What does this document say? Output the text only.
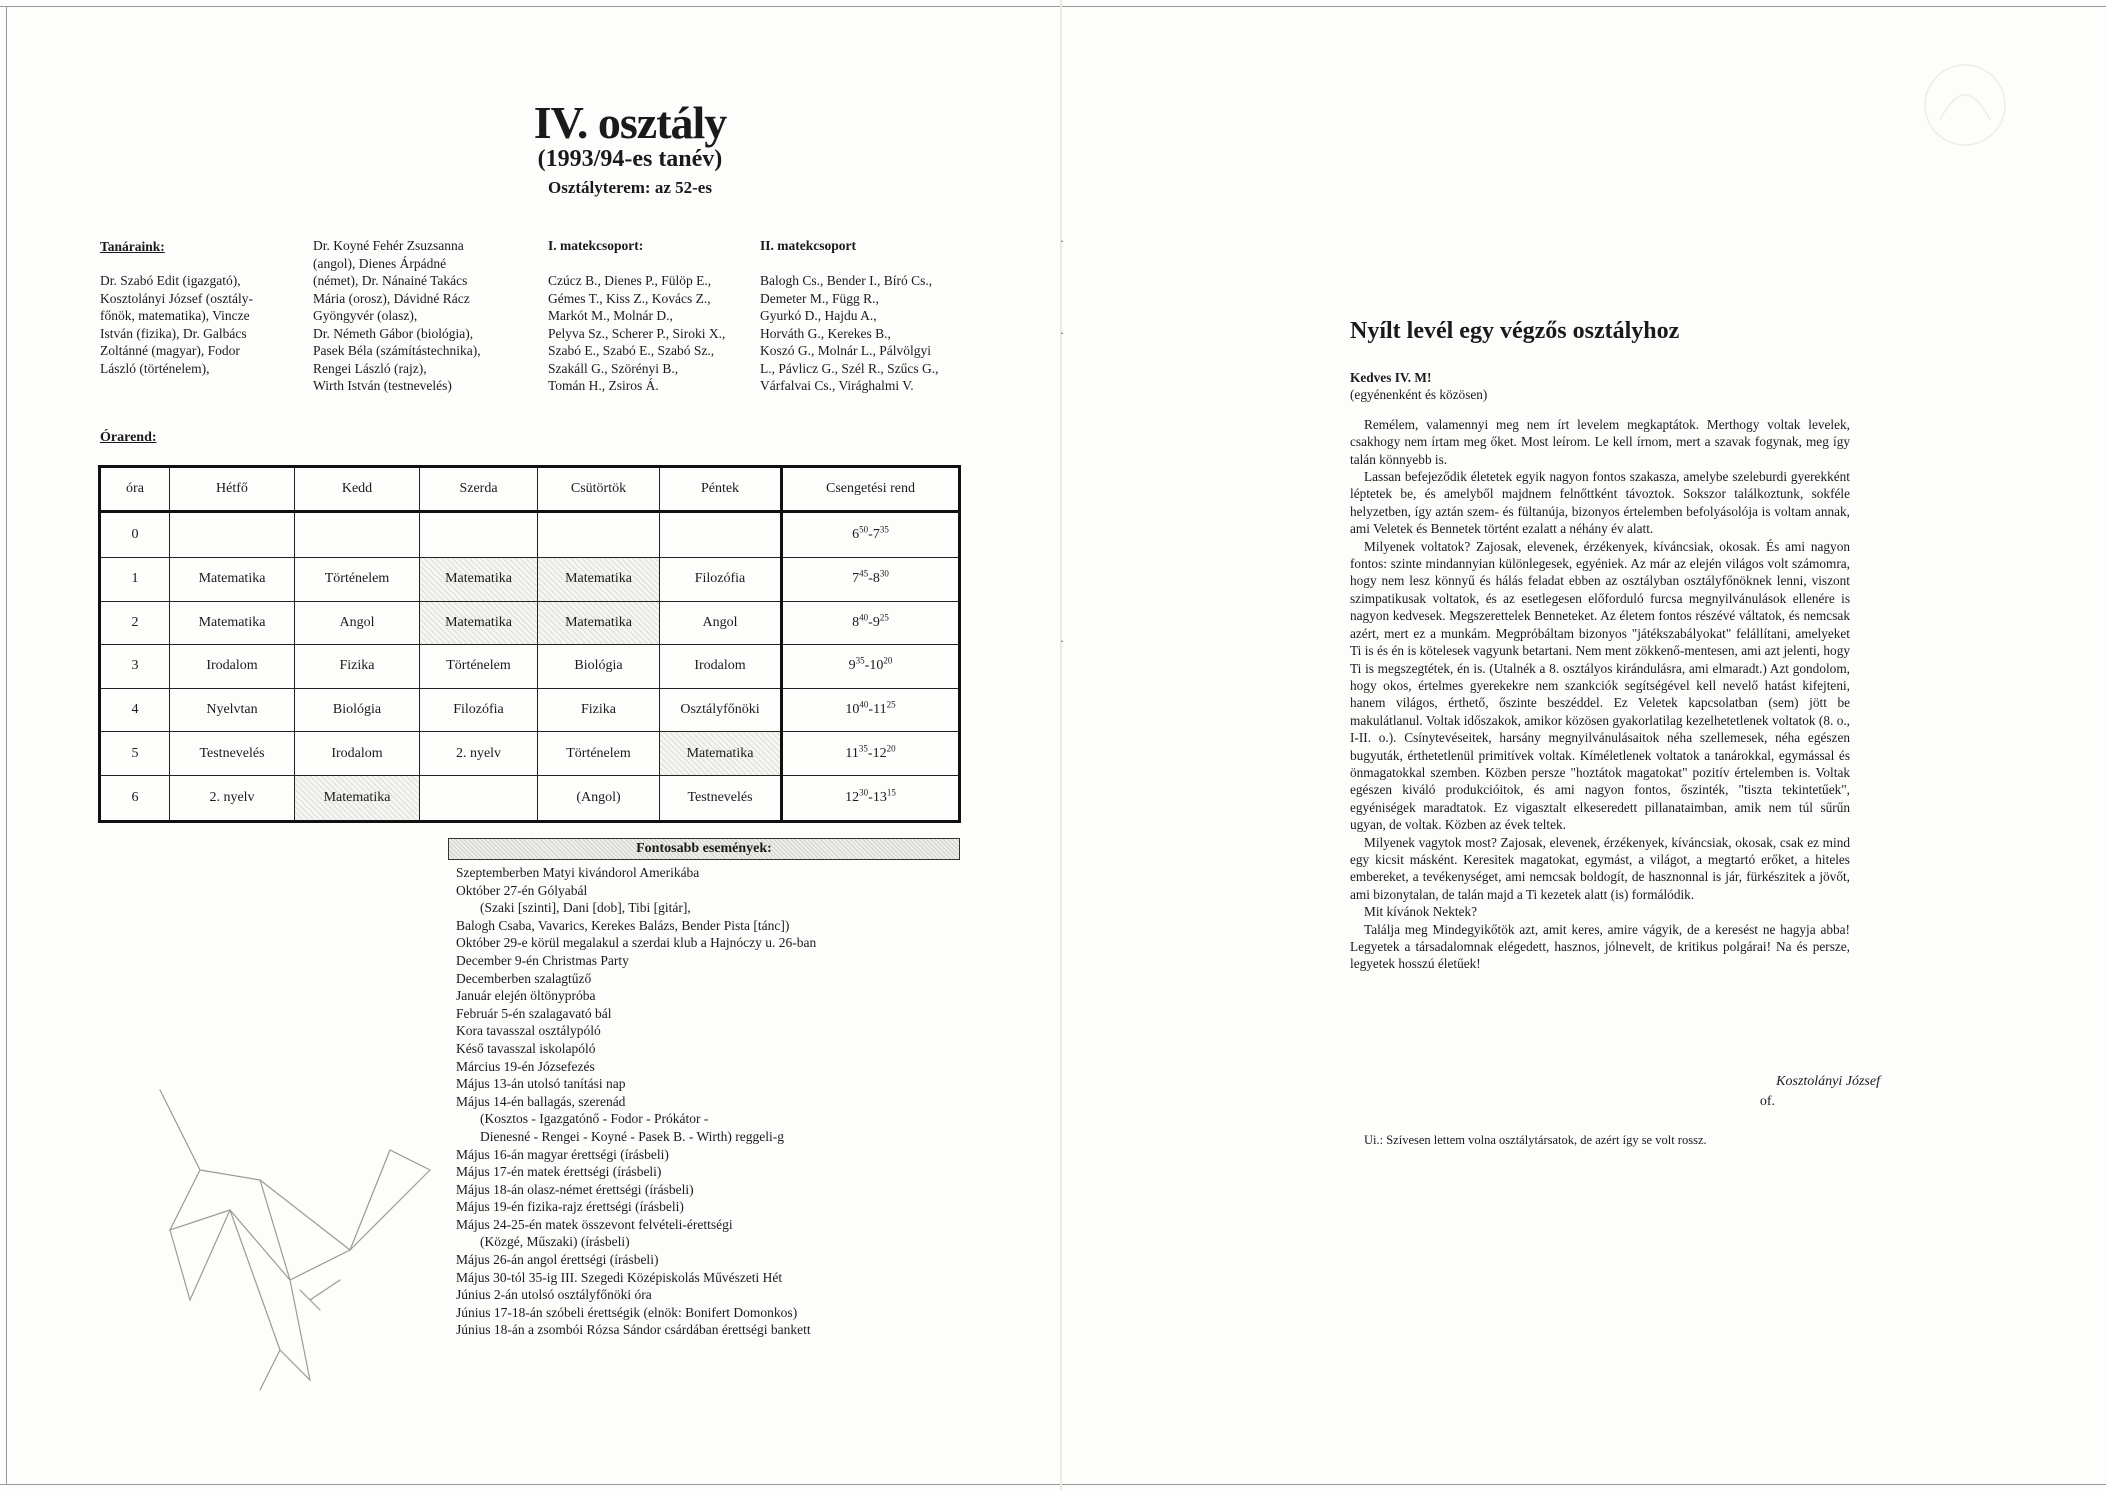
IV. osztály
(1993/94-es tanév)
Osztályterem: az 52-es
Tanáraink:
Dr. Szabó Edit (igazgató),
Kosztolányi József (osztály-
főnök, matematika), Vincze
István (fizika), Dr. Galbács
Zoltánné (magyar), Fodor
László (történelem),
Dr. Koyné Fehér Zsuzsanna
(angol), Dienes Árpádné
(német), Dr. Nánainé Takács
Mária (orosz), Dávidné Rácz
Gyöngyvér (olasz),
Dr. Németh Gábor (biológia),
Pasek Béla (számítástechnika),
Rengei László (rajz),
Wirth István (testnevelés)
I. matekcsoport:
Czúcz B., Dienes P., Fülöp E.,
Gémes T., Kiss Z., Kovács Z.,
Markót M., Molnár D.,
Pelyva Sz., Scherer P., Siroki X.,
Szabó E., Szabó E., Szabó Sz.,
Szakáll G., Szörényi B.,
Tomán H., Zsiros Á.
II. matekcsoport
Balogh Cs., Bender I., Bíró Cs.,
Demeter M., Függ R.,
Gyurkó D., Hajdu A.,
Horváth G., Kerekes B.,
Koszó G., Molnár L., Pálvölgyi
L., Pávlicz G., Szél R., Szűcs G.,
Várfalvai Cs., Virághalmi V.
Órarend:
óra	Hétfő	Kedd	Szerda	Csütörtök	Péntek	Csengetési rend
0						$6^{50}-7^{35}$
1	Matematika	Történelem	Matematika	Matematika	Filozófia	$7^{45}-8^{30}$
2	Matematika	Angol	Matematika	Matematika	Angol	$8^{40}-9^{25}$
3	Irodalom	Fizika	Történelem	Biológia	Irodalom	$9^{35}-10^{20}$
4	Nyelvtan	Biológia	Filozófia	Fizika	Osztályfőnöki	$10^{40}-11^{25}$
5	Testnevelés	Irodalom	2. nyelv	Történelem	Matematika	$11^{35}-12^{20}$
6	2. nyelv	Matematika		(Angol)	Testnevelés	$12^{30}-13^{15}$
Fontosabb események:
Szeptemberben Matyi kivándorol Amerikába
Október 27-én Gólyabál
(Szaki [szinti], Dani [dob], Tibi [gitár],
Balogh Csaba, Vavarics, Kerekes Balázs, Bender Pista [tánc])
Október 29-e körül megalakul a szerdai klub a Hajnóczy u. 26-ban
December 9-én Christmas Party
Decemberben szalagtűző
Január elején öltönypróba
Február 5-én szalagavató bál
Kora tavasszal osztálypóló
Késő tavasszal iskolapóló
Március 19-én Józsefezés
Május 13-án utolsó tanítási nap
Május 14-én ballagás, szerenád
(Kosztos - Igazgatónő - Fodor - Prókátor -
Dienesné - Rengei - Koyné - Pasek B. - Wirth) reggeli-g
Május 16-án magyar érettségi (írásbeli)
Május 17-én matek érettségi (írásbeli)
Május 18-án olasz-német érettségi (írásbeli)
Május 19-én fizika-rajz érettségi (írásbeli)
Május 24-25-én matek összevont felvételi-érettségi
(Közgé, Műszaki) (írásbeli)
Május 26-án angol érettségi (írásbeli)
Május 30-tól 35-ig III. Szegedi Középiskolás Művészeti Hét
Június 2-án utolsó osztályfőnöki óra
Június 17-18-án szóbeli érettségik (elnök: Bonifert Domonkos)
Június 18-án a zsombói Rózsa Sándor csárdában érettségi bankett
Nyílt levél egy végzős osztályhoz
Kedves IV. M!
(egyénenként és közösen)
Remélem, valamennyi meg nem írt levelem megkaptátok. Merthogy voltak levelek, csakhogy nem írtam meg őket. Most leírom. Le kell írnom, mert a szavak fogynak, meg így talán könnyebb is.
Lassan befejeződik életetek egyik nagyon fontos szakasza, amelybe szeleburdi gyerekként léptetek be, és amelyből majdnem felnőttként távoztok. Sokszor találkoztunk, sokféle helyzetben, így aztán szem- és fültanúja, bizonyos értelemben befolyásolója is voltam annak, ami Veletek és Bennetek történt ezalatt a néhány év alatt.
Milyenek voltatok? Zajosak, elevenek, érzékenyek, kíváncsiak, okosak. És ami nagyon fontos: szinte mindannyian különlegesek, egyéniek. Az már az elején világos volt számomra, hogy nem lesz könnyű és hálás feladat ebben az osztályban osztályfőnöknek lenni, viszont szimpatikusak voltatok, és az esetlegesen előforduló furcsa megnyilvánulások ellenére is nagyon kedvesek. Megszerettelek Benneteket. Az életem fontos részévé váltatok, és nemcsak azért, mert ez a munkám. Megpróbáltam bizonyos "játékszabályokat" felállítani, amelyeket Ti is és én is kötelesek vagyunk betartani. Nem ment zökkenő-mentesen, ami azt jelenti, hogy Ti is megszegtétek, én is. (Utalnék a 8. osztályos kirándulásra, ami elmaradt.) Azt gondolom, hogy okos, értelmes gyerekekre nem szankciók segítségével kell nevelő hatást kifejteni, hanem világos, érthető, őszinte beszéddel. Ez Veletek kapcsolatban (sem) jött be makulátlanul. Voltak időszakok, amikor közösen gyakorlatilag kezelhetetlenek voltatok (8. o., I-II. o.). Csínytevéseitek, harsány megnyilvánulásaitok néha szellemesek, néha egészen bugyuták, érthetetlenül primitívek voltak. Kíméletlenek voltatok a tanárokkal, egymással és önmagatokkal szemben. Közben persze "hoztátok magatokat" pozitív értelemben is. Voltak egészen kiváló produkcióitok, és ami nagyon fontos, őszinték, "tiszta tekintetűek", egyéniségek maradtatok. Ez vigasztalt elkeseredett pillanataimban, amik nem túl sűrűn ugyan, de voltak. Közben az évek teltek.
Milyenek vagytok most? Zajosak, elevenek, érzékenyek, kíváncsiak, okosak, csak ez mind egy kicsit másként. Keresitek magatokat, egymást, a világot, a megtartó erőket, a hiteles embereket, a tevékenységet, ami nemcsak boldogít, de hasznonnal is jár, fürkészitek a jövőt, ami bizonytalan, de talán majd a Ti kezetek alatt (is) formálódik.
Mit kívánok Nektek?
Találja meg Mindegyikőtök azt, amit keres, amire vágyik, de a keresést ne hagyja abba! Legyetek a társadalomnak elégedett, hasznos, jólnevelt, de kritikus polgárai! Na és persze, legyetek hosszú életűek!
Kosztolányi József
of.
Ui.: Szívesen lettem volna osztálytársatok, de azért így se volt rossz.
·
·
·
